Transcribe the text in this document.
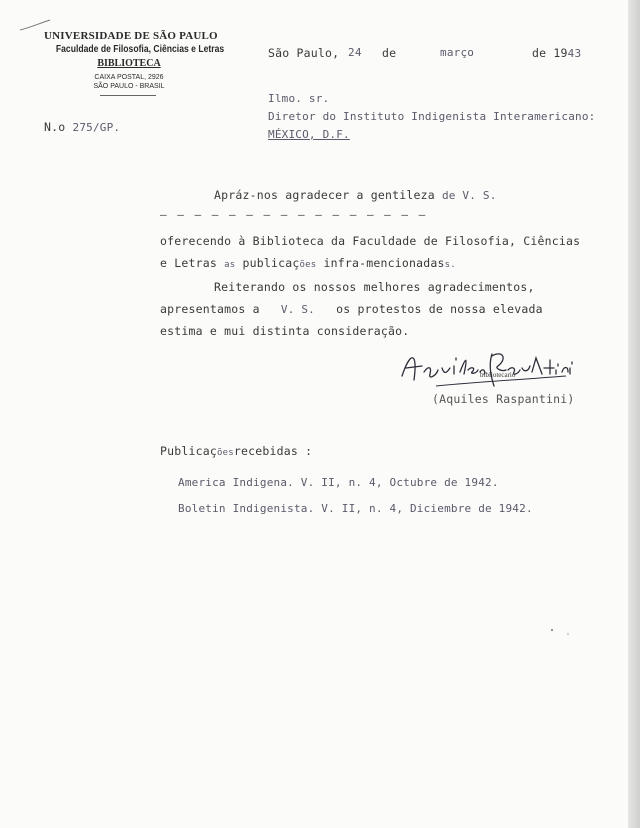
UNIVERSIDADE DE SÃO PAULO
Faculdade de Filosofia, Ciências e Letras
BIBLIOTECA
CAIXA POSTAL, 2926
SÃO PAULO - BRASIL
N.o 275/GP.
São Paulo, 24 de	março	de 1943
Ilmo. sr.
Diretor do Instituto Indigenista Interamericano:
MÉXICO, D.F.
Apráz-nos agradecer a gentileza de V. S.
– – – – – – – – – – – – – – – –
oferecendo à Biblioteca da Faculdade de Filosofia, Ciências
e Letras as publicações infra-mencionadass.
Reiterando os nossos melhores agradecimentos,
apresentamos a V. S. os protestos de nossa elevada
estima e mui distinta consideração.
bibliotecario
(Aquiles Raspantini)
Publicaçõesrecebidas :
America Indigena. V. II, n. 4, Octubre de 1942.
Boletin Indigenista. V. II, n. 4, Diciembre de 1942.
